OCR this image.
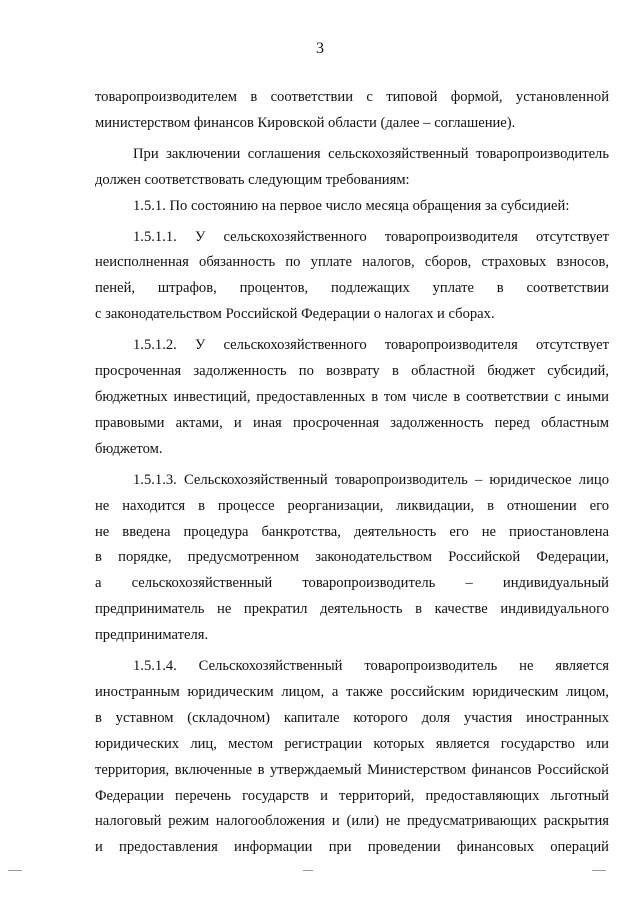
3

товаропроизводителем в соответствии с типовой формой, установленной

министерством финансов Кировской области (далее – соглашение).

При заключении соглашения сельскохозяйственный товаропроизводитель

должен соответствовать следующим требованиям:

1.5.1. По состоянию на первое число месяца обращения за субсидией:

1.5.1.1. У сельскохозяйственного товаропроизводителя отсутствует

неисполненная обязанность по уплате налогов, сборов, страховых взносов,

пеней, штрафов, процентов, подлежащих уплате в соответствии

с законодательством Российской Федерации о налогах и сборах.

1.5.1.2. У сельскохозяйственного товаропроизводителя отсутствует

просроченная задолженность по возврату в областной бюджет субсидий,

бюджетных инвестиций, предоставленных в том числе в соответствии с иными

правовыми актами, и иная просроченная задолженность перед областным

бюджетом.

1.5.1.3. Сельскохозяйственный товаропроизводитель – юридическое лицо

не находится в процессе реорганизации, ликвидации, в отношении его

не введена процедура банкротства, деятельность его не приостановлена

в порядке, предусмотренном законодательством Российской Федерации,

а сельскохозяйственный товаропроизводитель – индивидуальный

предприниматель не прекратил деятельность в качестве индивидуального

предпринимателя.

1.5.1.4. Сельскохозяйственный товаропроизводитель не является

иностранным юридическим лицом, а также российским юридическим лицом,

в уставном (складочном) капитале которого доля участия иностранных

юридических лиц, местом регистрации которых является государство или

территория, включенные в утверждаемый Министерством финансов Российской

Федерации перечень государств и территорий, предоставляющих льготный

налоговый режим налогообложения и (или) не предусматривающих раскрытия

и предоставления информации при проведении финансовых операций
